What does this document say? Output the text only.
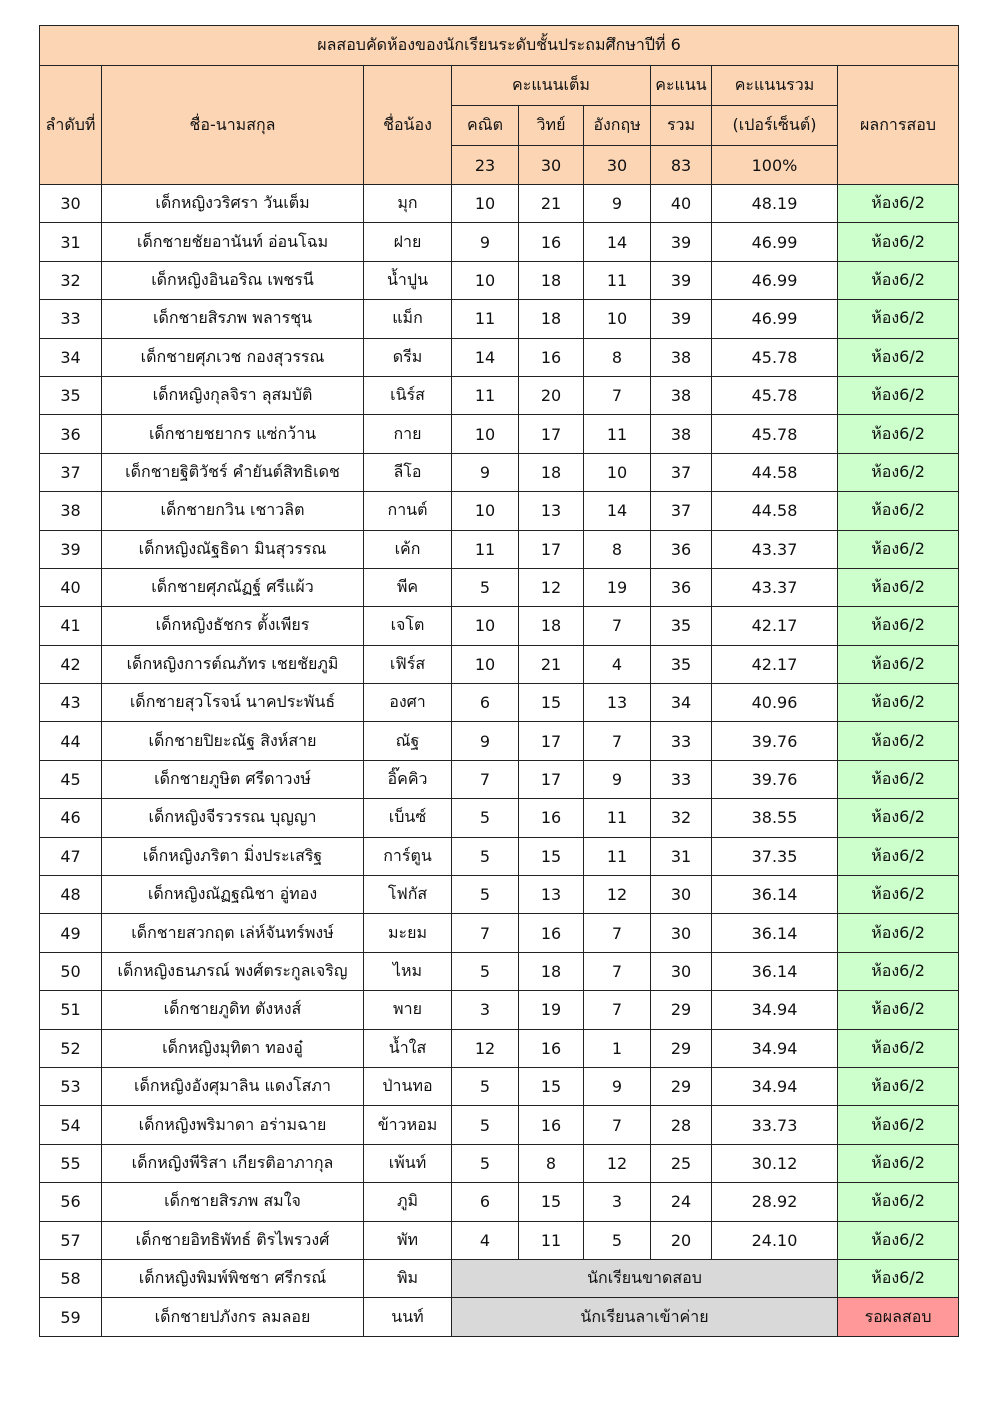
ผลสอบคัดห้องของนักเรียนระดับชั้นประถมศึกษาปีที่ 6								
ลำดับที่	ชื่อ-นามสกุล	ชื่อน้อง	คะแนนเต็ม			คะแนน	คะแนนรวม	ผลการสอบ
			คณิต	วิทย์	อังกฤษ	รวม	(เปอร์เซ็นต์)	
			23	30	30	83	100%	
30	เด็กหญิงวริศรา วันเต็ม	มุก	10	21	9	40	48.19	ห้อง6/2
31	เด็กชายชัยอานันท์ อ่อนโฉม	ฝาย	9	16	14	39	46.99	ห้อง6/2
32	เด็กหญิงอินอริณ เพชรนี	น้ำปูน	10	18	11	39	46.99	ห้อง6/2
33	เด็กชายสิรภพ พลารชุน	แม็ก	11	18	10	39	46.99	ห้อง6/2
34	เด็กชายศุภเวช กองสุวรรณ	ดรีม	14	16	8	38	45.78	ห้อง6/2
35	เด็กหญิงกุลจิรา ลุสมบัติ	เนิร์ส	11	20	7	38	45.78	ห้อง6/2
36	เด็กชายชยากร แซ่กว้าน	กาย	10	17	11	38	45.78	ห้อง6/2
37	เด็กชายฐิติวัชร์ คำยันต์สิทธิเดช	ลีโอ	9	18	10	37	44.58	ห้อง6/2
38	เด็กชายกวิน เชาวลิต	กานต์	10	13	14	37	44.58	ห้อง6/2
39	เด็กหญิงณัฐธิดา มินสุวรรณ	เค้ก	11	17	8	36	43.37	ห้อง6/2
40	เด็กชายศุภณัฏฐ์ ศรีแผ้ว	พีค	5	12	19	36	43.37	ห้อง6/2
41	เด็กหญิงธัชกร ตั้งเพียร	เจโต	10	18	7	35	42.17	ห้อง6/2
42	เด็กหญิงการต์ณภัทร เชยชัยภูมิ	เฟิร์ส	10	21	4	35	42.17	ห้อง6/2
43	เด็กชายสุวโรจน์ นาคประพันธ์	องศา	6	15	13	34	40.96	ห้อง6/2
44	เด็กชายปิยะณัฐ สิงห์สาย	ณัฐ	9	17	7	33	39.76	ห้อง6/2
45	เด็กชายภูษิต ศรีดาวงษ์	อิ๊คคิว	7	17	9	33	39.76	ห้อง6/2
46	เด็กหญิงจีรวรรณ บุญญา	เบ็นซ์	5	16	11	32	38.55	ห้อง6/2
47	เด็กหญิงภริตา มิ่งประเสริฐ	การ์ตูน	5	15	11	31	37.35	ห้อง6/2
48	เด็กหญิงณัฏฐณิชา อู่ทอง	โฟกัส	5	13	12	30	36.14	ห้อง6/2
49	เด็กชายสวกฤต เล่ห์จันทร์พงษ์	มะยม	7	16	7	30	36.14	ห้อง6/2
50	เด็กหญิงธนภรณ์ พงศ์ตระกูลเจริญ	ไหม	5	18	7	30	36.14	ห้อง6/2
51	เด็กชายภูดิท ตังหงส์	พาย	3	19	7	29	34.94	ห้อง6/2
52	เด็กหญิงมุทิตา ทองอู๋	น้ำใส	12	16	1	29	34.94	ห้อง6/2
53	เด็กหญิงอังศุมาลิน แดงโสภา	ป่านทอ	5	15	9	29	34.94	ห้อง6/2
54	เด็กหญิงพริมาดา อร่ามฉาย	ข้าวหอม	5	16	7	28	33.73	ห้อง6/2
55	เด็กหญิงพีริสา เกียรติอาภากุล	เพ้นท์	5	8	12	25	30.12	ห้อง6/2
56	เด็กชายสิรภพ สมใจ	ภูมิ	6	15	3	24	28.92	ห้อง6/2
57	เด็กชายอิทธิพัทธ์ ติรไพรวงศ์	พัท	4	11	5	20	24.10	ห้อง6/2
58	เด็กหญิงพิมพ์พิชชา ศรีกรณ์	พิม	นักเรียนขาดสอบ					ห้อง6/2
59	เด็กชายปภังกร ลมลอย	นนท์	นักเรียนลาเข้าค่าย					รอผลสอบ
